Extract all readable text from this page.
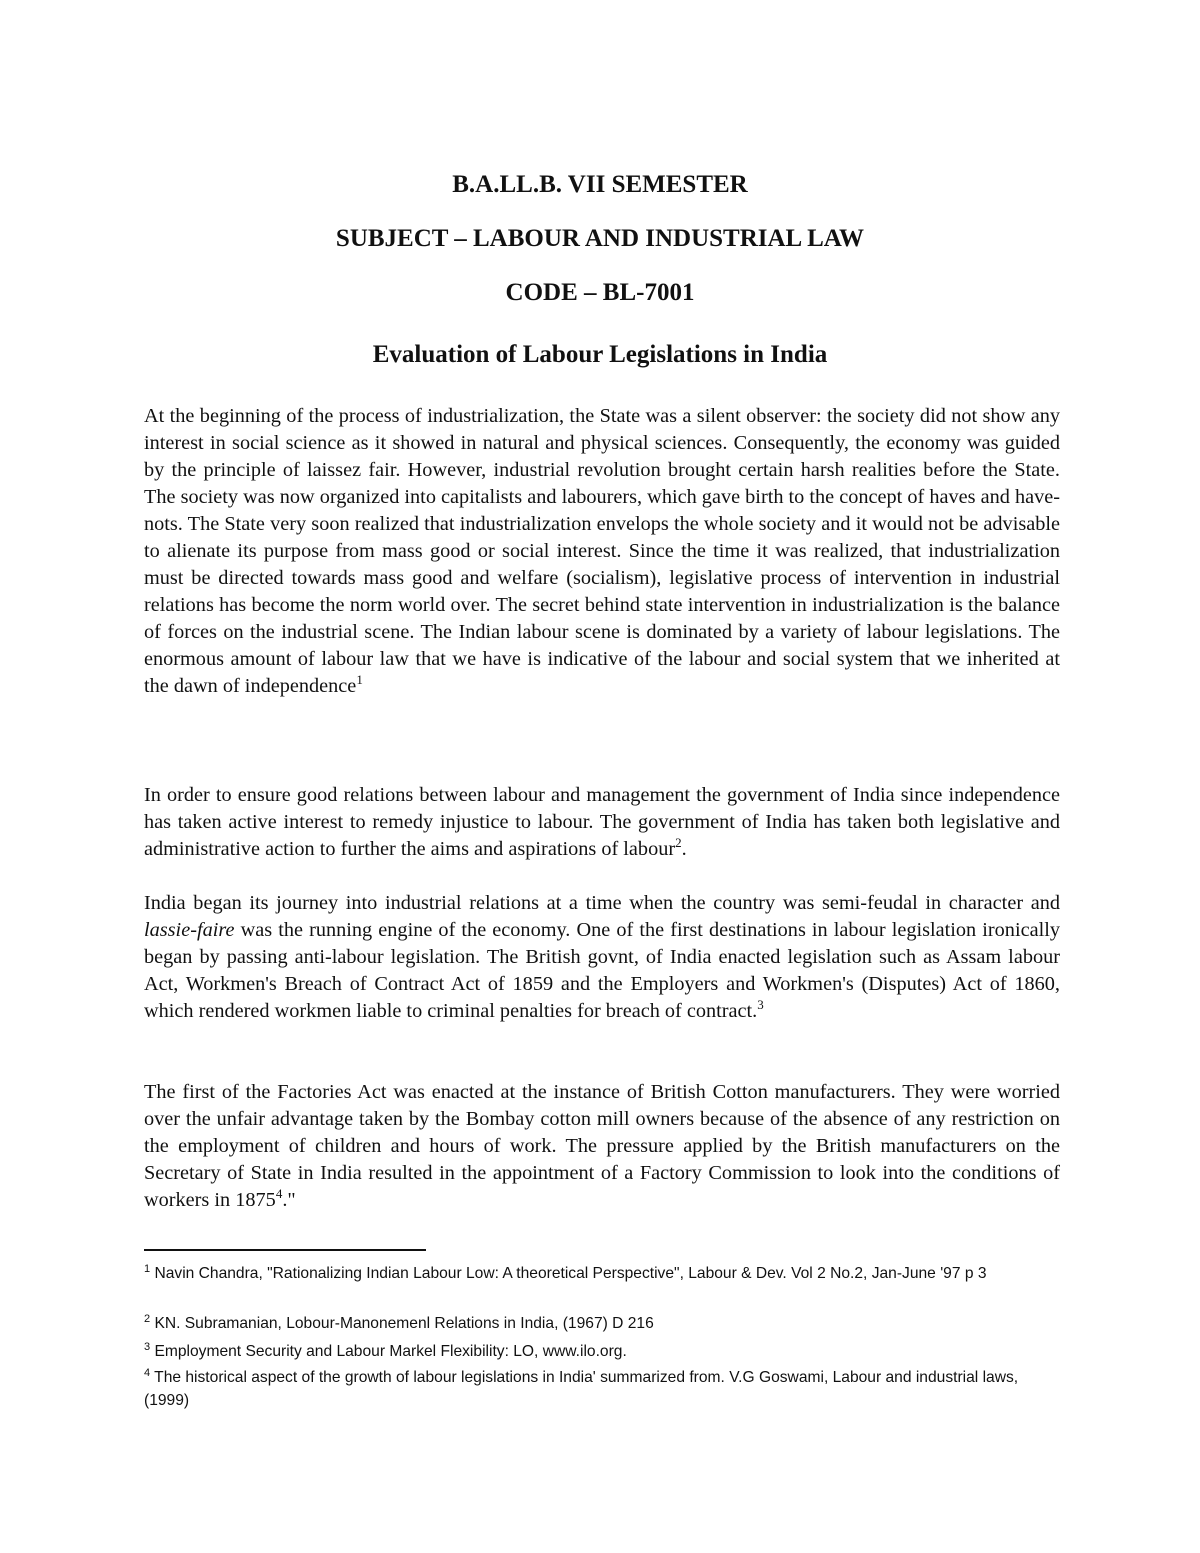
B.A.LL.B. VII SEMESTER
SUBJECT – LABOUR AND INDUSTRIAL LAW
CODE – BL-7001
Evaluation of Labour Legislations in India

At the beginning of the process of industrialization, the State was a silent observer: the society did not show any interest in social science as it showed in natural and physical sciences. Consequently, the economy was guided by the principle of laissez fair. However, industrial revolution brought certain harsh realities before the State. The society was now organized into capitalists and labourers, which gave birth to the concept of haves and have-nots. The State very soon realized that industrialization envelops the whole society and it would not be advisable to alienate its purpose from mass good or social interest. Since the time it was realized, that industrialization must be directed towards mass good and welfare (socialism), legislative process of intervention in industrial relations has become the norm world over. The secret behind state intervention in industrialization is the balance of forces on the industrial scene. The Indian labour scene is dominated by a variety of labour legislations. The enormous amount of labour law that we have is indicative of the labour and social system that we inherited at the dawn of independence$^1$

In order to ensure good relations between labour and management the government of India since independence has taken active interest to remedy injustice to labour. The government of India has taken both legislative and administrative action to further the aims and aspirations of labour$^2$.

India began its journey into industrial relations at a time when the country was semi-feudal in character and lassie-faire was the running engine of the economy. One of the first destinations in labour legislation ironically began by passing anti-labour legislation. The British govnt, of India enacted legislation such as Assam labour Act, Workmen's Breach of Contract Act of 1859 and the Employers and Workmen's (Disputes) Act of 1860, which rendered workmen liable to criminal penalties for breach of contract.$^3$

The first of the Factories Act was enacted at the instance of British Cotton manufacturers. They were worried over the unfair advantage taken by the Bombay cotton mill owners because of the absence of any restriction on the employment of children and hours of work. The pressure applied by the British manufacturers on the Secretary of State in India resulted in the appointment of a Factory Commission to look into the conditions of workers in 1875$^4$."

$^1$ Navin Chandra, "Rationalizing Indian Labour Low: A theoretical Perspective", Labour & Dev. Vol 2 No.2, Jan-June '97 p 3

$^2$ KN. Subramanian, Lobour-Manonemenl Relations in India, (1967) D 216

$^3$ Employment Security and Labour Markel Flexibility: LO, www.ilo.org.

$^4$ The historical aspect of the growth of labour legislations in India' summarized from. V.G Goswami, Labour and industrial laws,(1999)
